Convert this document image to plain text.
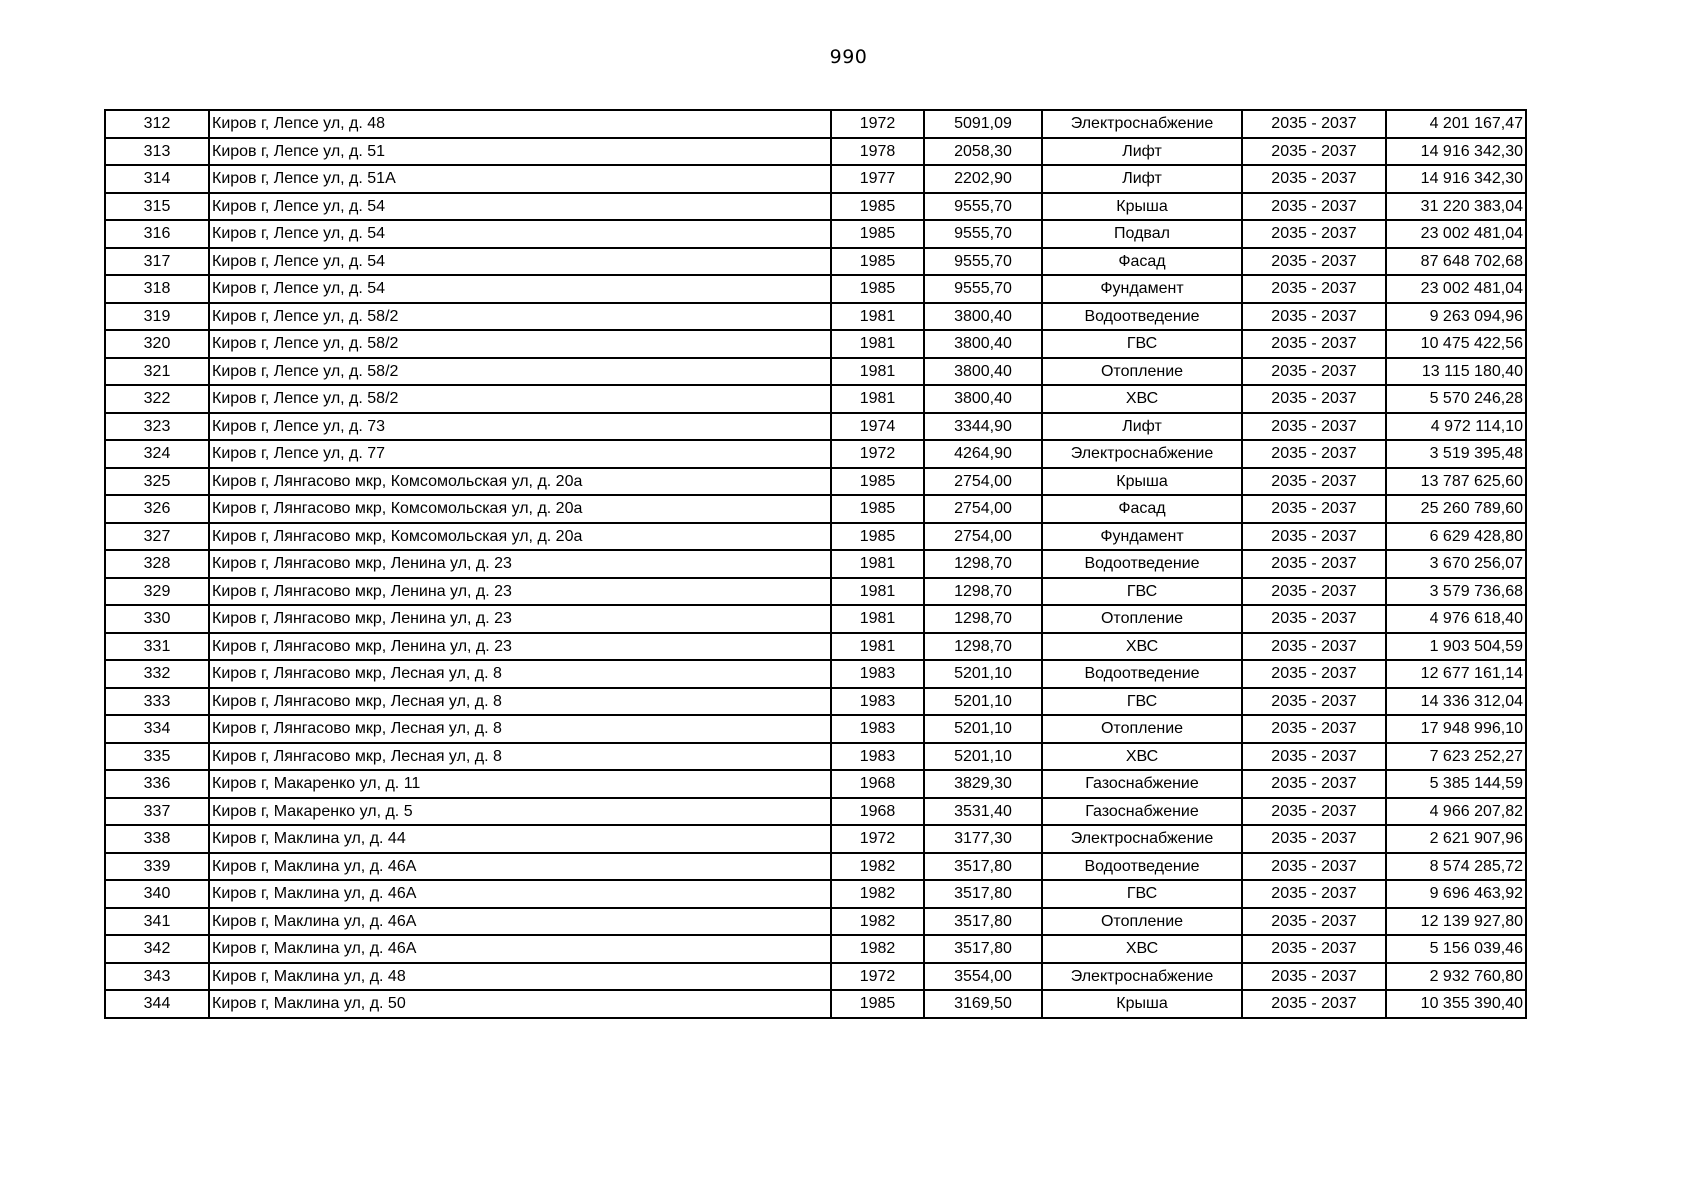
990
312	Киров г, Лепсе ул, д. 48	1972	5091,09	Электроснабжение	2035 - 2037	4 201 167,47
313	Киров г, Лепсе ул, д. 51	1978	2058,30	Лифт	2035 - 2037	14 916 342,30
314	Киров г, Лепсе ул, д. 51А	1977	2202,90	Лифт	2035 - 2037	14 916 342,30
315	Киров г, Лепсе ул, д. 54	1985	9555,70	Крыша	2035 - 2037	31 220 383,04
316	Киров г, Лепсе ул, д. 54	1985	9555,70	Подвал	2035 - 2037	23 002 481,04
317	Киров г, Лепсе ул, д. 54	1985	9555,70	Фасад	2035 - 2037	87 648 702,68
318	Киров г, Лепсе ул, д. 54	1985	9555,70	Фундамент	2035 - 2037	23 002 481,04
319	Киров г, Лепсе ул, д. 58/2	1981	3800,40	Водоотведение	2035 - 2037	9 263 094,96
320	Киров г, Лепсе ул, д. 58/2	1981	3800,40	ГВС	2035 - 2037	10 475 422,56
321	Киров г, Лепсе ул, д. 58/2	1981	3800,40	Отопление	2035 - 2037	13 115 180,40
322	Киров г, Лепсе ул, д. 58/2	1981	3800,40	ХВС	2035 - 2037	5 570 246,28
323	Киров г, Лепсе ул, д. 73	1974	3344,90	Лифт	2035 - 2037	4 972 114,10
324	Киров г, Лепсе ул, д. 77	1972	4264,90	Электроснабжение	2035 - 2037	3 519 395,48
325	Киров г, Лянгасово мкр, Комсомольская ул, д. 20а	1985	2754,00	Крыша	2035 - 2037	13 787 625,60
326	Киров г, Лянгасово мкр, Комсомольская ул, д. 20а	1985	2754,00	Фасад	2035 - 2037	25 260 789,60
327	Киров г, Лянгасово мкр, Комсомольская ул, д. 20а	1985	2754,00	Фундамент	2035 - 2037	6 629 428,80
328	Киров г, Лянгасово мкр, Ленина ул, д. 23	1981	1298,70	Водоотведение	2035 - 2037	3 670 256,07
329	Киров г, Лянгасово мкр, Ленина ул, д. 23	1981	1298,70	ГВС	2035 - 2037	3 579 736,68
330	Киров г, Лянгасово мкр, Ленина ул, д. 23	1981	1298,70	Отопление	2035 - 2037	4 976 618,40
331	Киров г, Лянгасово мкр, Ленина ул, д. 23	1981	1298,70	ХВС	2035 - 2037	1 903 504,59
332	Киров г, Лянгасово мкр, Лесная ул, д. 8	1983	5201,10	Водоотведение	2035 - 2037	12 677 161,14
333	Киров г, Лянгасово мкр, Лесная ул, д. 8	1983	5201,10	ГВС	2035 - 2037	14 336 312,04
334	Киров г, Лянгасово мкр, Лесная ул, д. 8	1983	5201,10	Отопление	2035 - 2037	17 948 996,10
335	Киров г, Лянгасово мкр, Лесная ул, д. 8	1983	5201,10	ХВС	2035 - 2037	7 623 252,27
336	Киров г, Макаренко ул, д. 11	1968	3829,30	Газоснабжение	2035 - 2037	5 385 144,59
337	Киров г, Макаренко ул, д. 5	1968	3531,40	Газоснабжение	2035 - 2037	4 966 207,82
338	Киров г, Маклина ул, д. 44	1972	3177,30	Электроснабжение	2035 - 2037	2 621 907,96
339	Киров г, Маклина ул, д. 46А	1982	3517,80	Водоотведение	2035 - 2037	8 574 285,72
340	Киров г, Маклина ул, д. 46А	1982	3517,80	ГВС	2035 - 2037	9 696 463,92
341	Киров г, Маклина ул, д. 46А	1982	3517,80	Отопление	2035 - 2037	12 139 927,80
342	Киров г, Маклина ул, д. 46А	1982	3517,80	ХВС	2035 - 2037	5 156 039,46
343	Киров г, Маклина ул, д. 48	1972	3554,00	Электроснабжение	2035 - 2037	2 932 760,80
344	Киров г, Маклина ул, д. 50	1985	3169,50	Крыша	2035 - 2037	10 355 390,40
